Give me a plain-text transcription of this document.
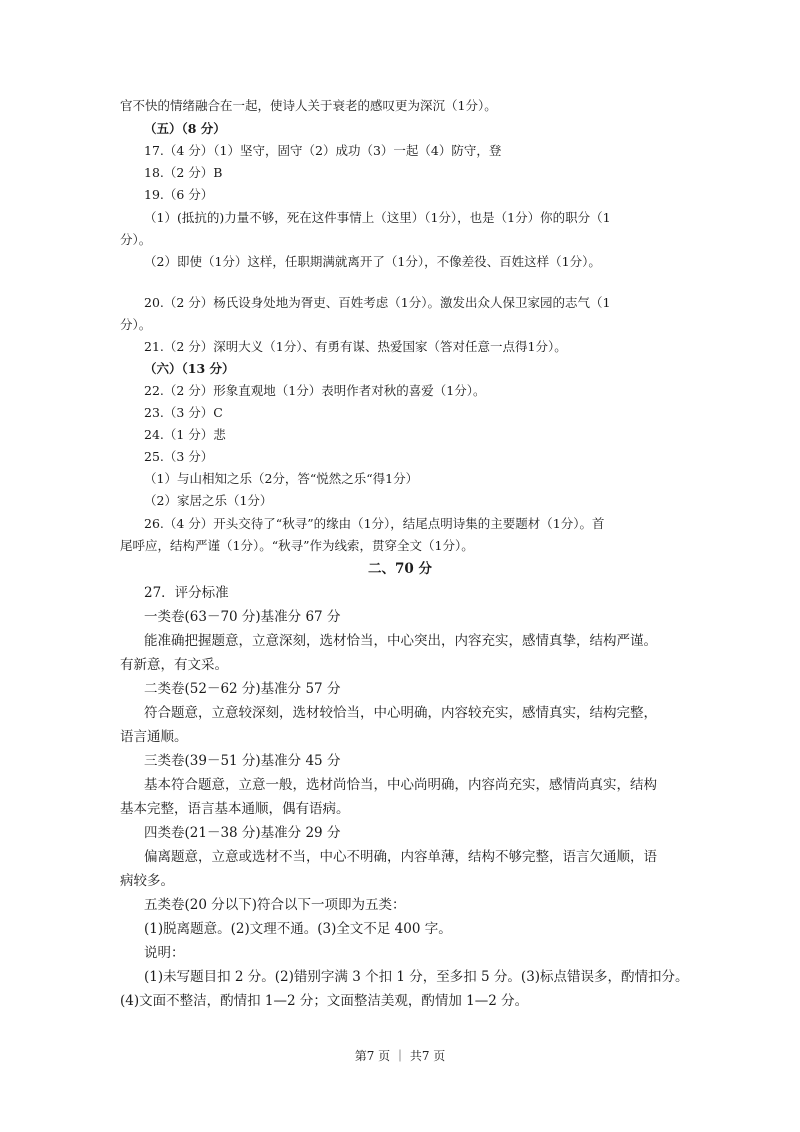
官不快的情绪融合在一起，使诗人关于衰老的感叹更为深沉（1分）。
（五）（8 分）
17.（4 分）（1）坚守，固守（2）成功（3）一起（4）防守，登
18.（2 分）B
19.（6 分）
（1）(抵抗的)力量不够，死在这件事情上（这里）（1分），也是（1分）你的职分（1
分）。
（2）即使（1分）这样，任职期满就离开了（1分），不像差役、百姓这样（1分）。
20.（2 分）杨氏设身处地为胥吏、百姓考虑（1分）。激发出众人保卫家园的志气（1
分）。
21.（2 分）深明大义（1分）、有勇有谋、热爱国家（答对任意一点得1分）。
（六）（13 分）
22.（2 分）形象直观地（1分）表明作者对秋的喜爱（1分）。
23.（3 分）C
24.（1 分）悲
25.（3 分）
（1）与山相知之乐（2分，答“悦然之乐“得1分）
（2）家居之乐（1分）
26.（4 分）开头交待了“秋寻”的缘由（1分），结尾点明诗集的主要题材（1分）。首
尾呼应，结构严谨（1分）。“秋寻”作为线索，贯穿全文（1分）。
二、70 分
27．评分标准
一类卷(63－70 分)基准分 67 分
能准确把握题意，立意深刻，选材恰当，中心突出，内容充实，感情真挚，结构严谨。
有新意，有文采。
二类卷(52－62 分)基准分 57 分
符合题意，立意较深刻，选材较恰当，中心明确，内容较充实，感情真实，结构完整，
语言通顺。
三类卷(39－51 分)基准分 45 分
基本符合题意，立意一般，选材尚恰当，中心尚明确，内容尚充实，感情尚真实，结构
基本完整，语言基本通顺，偶有语病。
四类卷(21－38 分)基准分 29 分
偏离题意，立意或选材不当，中心不明确，内容单薄，结构不够完整，语言欠通顺，语
病较多。
五类卷(20 分以下)符合以下一项即为五类：
(1)脱离题意。(2)文理不通。(3)全文不足 400 字。
说明：
(1)未写题目扣 2 分。(2)错别字满 3 个扣 1 分，至多扣 5 分。(3)标点错误多，酌情扣分。
(4)文面不整洁，酌情扣 1—2 分；文面整洁美观，酌情加 1—2 分。
第7 页 ｜ 共7 页
